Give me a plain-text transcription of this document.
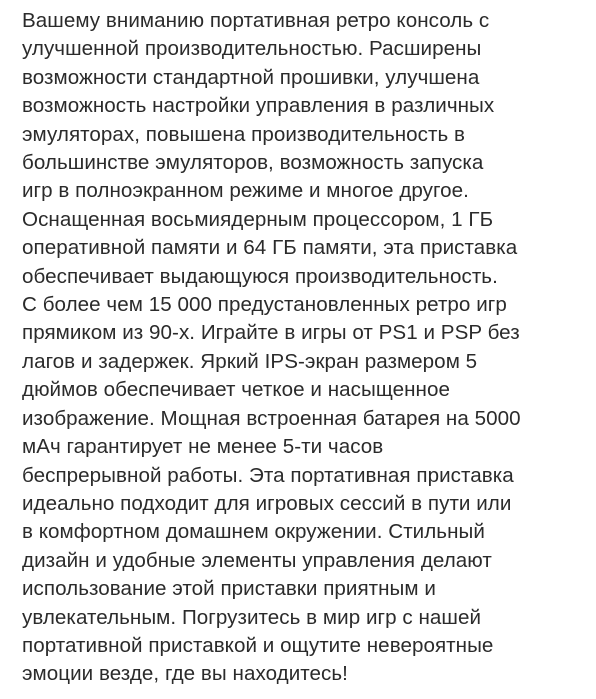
Вашему вниманию портативная ретро консоль с
улучшенной производительностью. Расширены
возможности стандартной прошивки, улучшена
возможность настройки управления в различных
эмуляторах, повышена производительность в
большинстве эмуляторов, возможность запуска
игр в полноэкранном режиме и многое другое.
Оснащенная восьмиядерным процессором, 1 ГБ
оперативной памяти и 64 ГБ памяти, эта приставка
обеспечивает выдающуюся производительность.
С более чем 15 000 предустановленных ретро игр
прямиком из 90-х. Играйте в игры от PS1 и PSP без
лагов и задержек. Яркий IPS-экран размером 5
дюймов обеспечивает четкое и насыщенное
изображение. Мощная встроенная батарея на 5000
мАч гарантирует не менее 5-ти часов
беспрерывной работы. Эта портативная приставка
идеально подходит для игровых сессий в пути или
в комфортном домашнем окружении. Стильный
дизайн и удобные элементы управления делают
использование этой приставки приятным и
увлекательным. Погрузитесь в мир игр с нашей
портативной приставкой и ощутите невероятные
эмоции везде, где вы находитесь!
